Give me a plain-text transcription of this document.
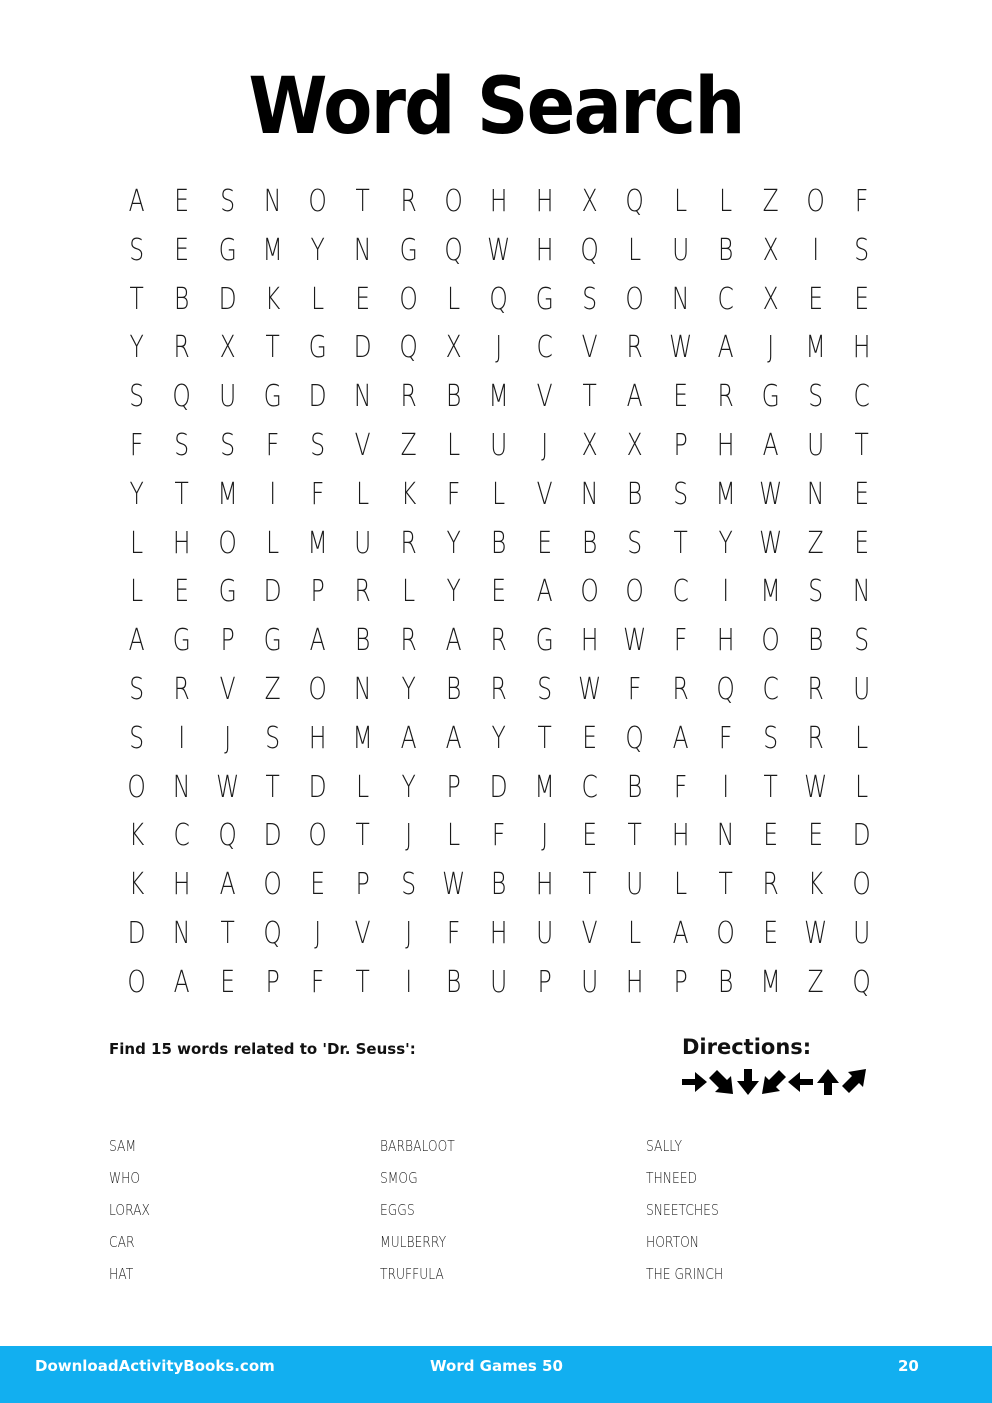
Word Search
A E	S N O T	R O H H X Q L	L	Z O F
S	E G M Y N G Q W H Q L	U B X	I	S
T	B D K	L	E O L Q G S O N C X E	E
Y	R X	T G D Q X	J	C V R W A	J	M H
S Q U G D N R B M V	T	A E R G S C
F	S	S	F	S V Z	L	U	J	X X	P H A U T
Y	T M	I	F	L	K	F	L	V N B	S M W N E
L H O L M U R	Y	B	E	B	S	T	Y W Z E
L	E G D P	R	L	Y	E A O O C	I	M S N
A G P G A B R A R G H W F H O B	S
S R V Z O N Y	B R S W F	R Q C R U
S	I	J	S H M A A	Y	T	E Q A	F	S R	L
O N W T D L	Y	P D M C B	F	I	T W L
K C Q D O T	J	L	F	J	E	T H N E	E D
K H A O E	P	S W B H T U	L	T	R K O
D N T Q	J	V	J	F H U V	L	A O E W U
O A E	P	F	T	I	B U P U H P	B M Z Q
Find 15 words related to 'Dr. Seuss':	Directions:
SAM
WHO
LORAX
CAR
HAT
BARBALOOT
SMOG
EGGS
MULBERRY
TRUFFULA
SALLY
THNEED
SNEETCHES
HORTON
THE GRINCH
DownloadActivityBooks.com	Word Games 50	20
